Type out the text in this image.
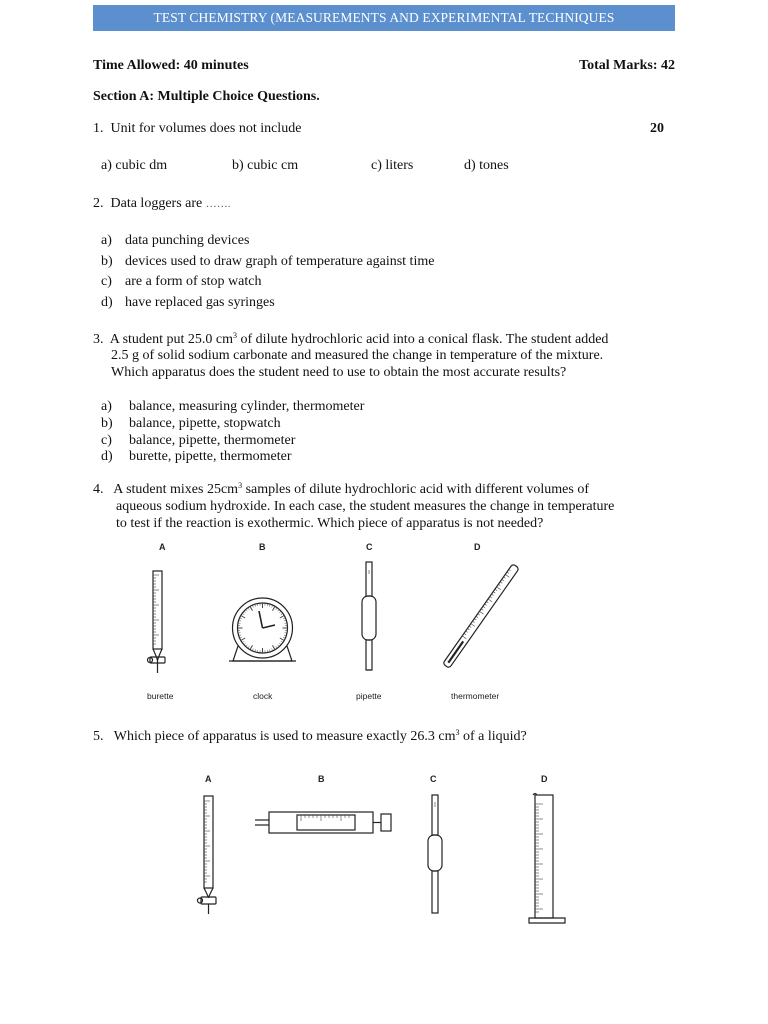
TEST CHEMISTRY (MEASUREMENTS AND EXPERIMENTAL TECHNIQUES
Time Allowed: 40 minutes	Total Marks: 42
Section A: Multiple Choice Questions.
1. Unit for volumes does not include	20
a) cubic dm	b) cubic cm	c) liters	d) tones
2. Data loggers are …….
a) data punching devices
b) devices used to draw graph of temperature against time
c) are a form of stop watch
d) have replaced gas syringes
3. A student put 25.0 $cm^3$ of dilute hydrochloric acid into a conical flask. The student added
2.5 g of solid sodium carbonate and measured the change in temperature of the mixture.
Which apparatus does the student need to use to obtain the most accurate results?
a) balance, measuring cylinder, thermometer
b) balance, pipette, stopwatch
c) balance, pipette, thermometer
d) burette, pipette, thermometer
4. A student mixes $25cm^3$ samples of dilute hydrochloric acid with different volumes of
aqueous sodium hydroxide. In each case, the student measures the change in temperature
to test if the reaction is exothermic. Which piece of apparatus is not needed?
A	B	C	D
burette	clock	pipette	thermometer
5. Which piece of apparatus is used to measure exactly 26.3 $cm^3$ of a liquid?
A	B	C	D
